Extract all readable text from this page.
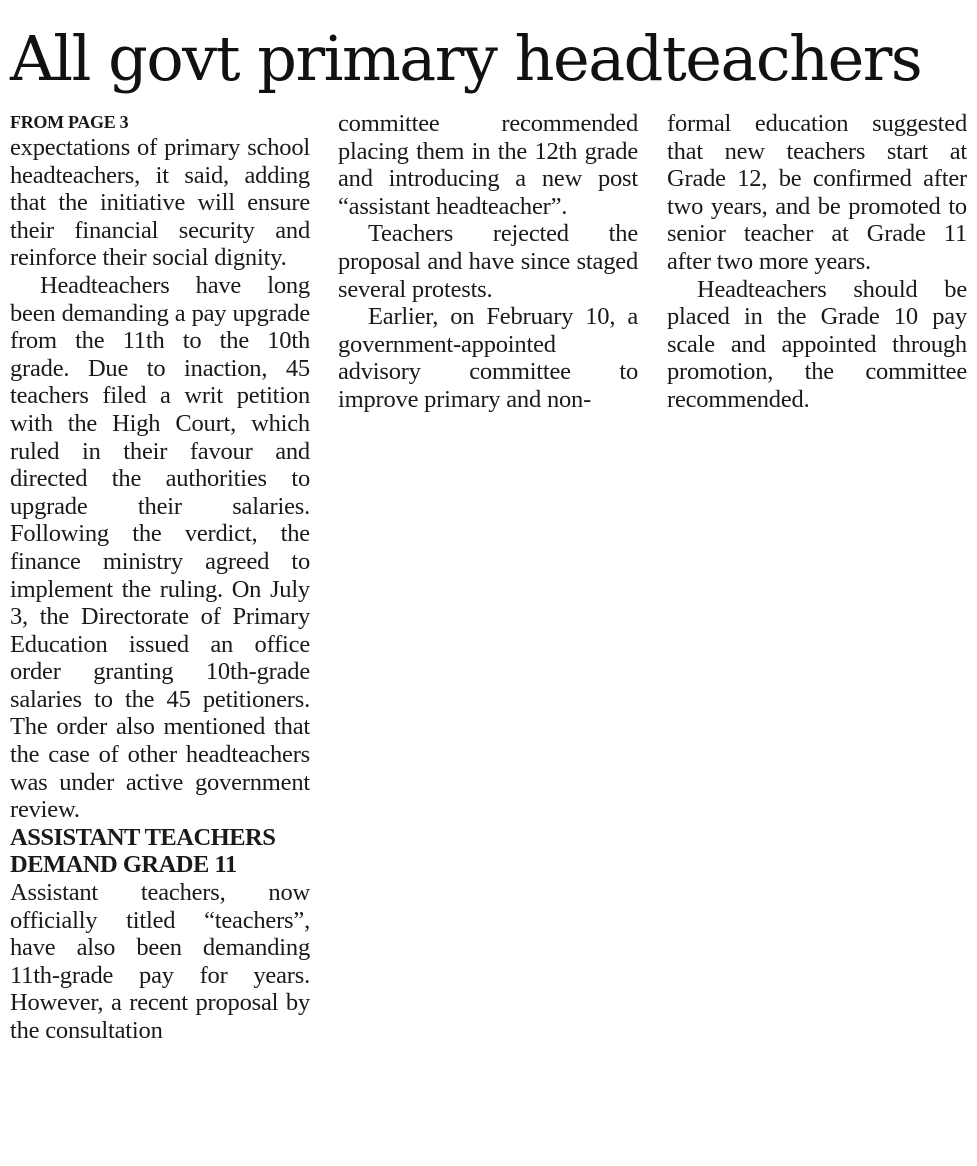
All govt primary headteachers
FROM PAGE 3

expectations of primary school headteachers, it said, adding that the initiative will ensure their financial security and reinforce their social dignity.

Headteachers have long been demanding a pay upgrade from the 11th to the 10th grade. Due to inaction, 45 teachers filed a writ petition with the High Court, which ruled in their favour and directed the authorities to upgrade their salaries. Following the verdict, the finance ministry agreed to implement the ruling. On July 3, the Directorate of Primary Education issued an office order granting 10th-grade salaries to the 45 petitioners. The order also mentioned that the case of other headteachers was under active government review.

ASSISTANT TEACHERS DEMAND GRADE 11

Assistant teachers, now officially titled “teachers”, have also been demanding 11th-grade pay for years. However, a recent proposal by the consultation

committee recommended placing them in the 12th grade and introducing a new post “assistant headteacher”.

Teachers rejected the proposal and have since staged several protests.

Earlier, on February 10, a government-appointed advisory committee to improve primary and non-

formal education suggested that new teachers start at Grade 12, be confirmed after two years, and be promoted to senior teacher at Grade 11 after two more years.

Headteachers should be placed in the Grade 10 pay scale and appointed through promotion, the committee recommended.
